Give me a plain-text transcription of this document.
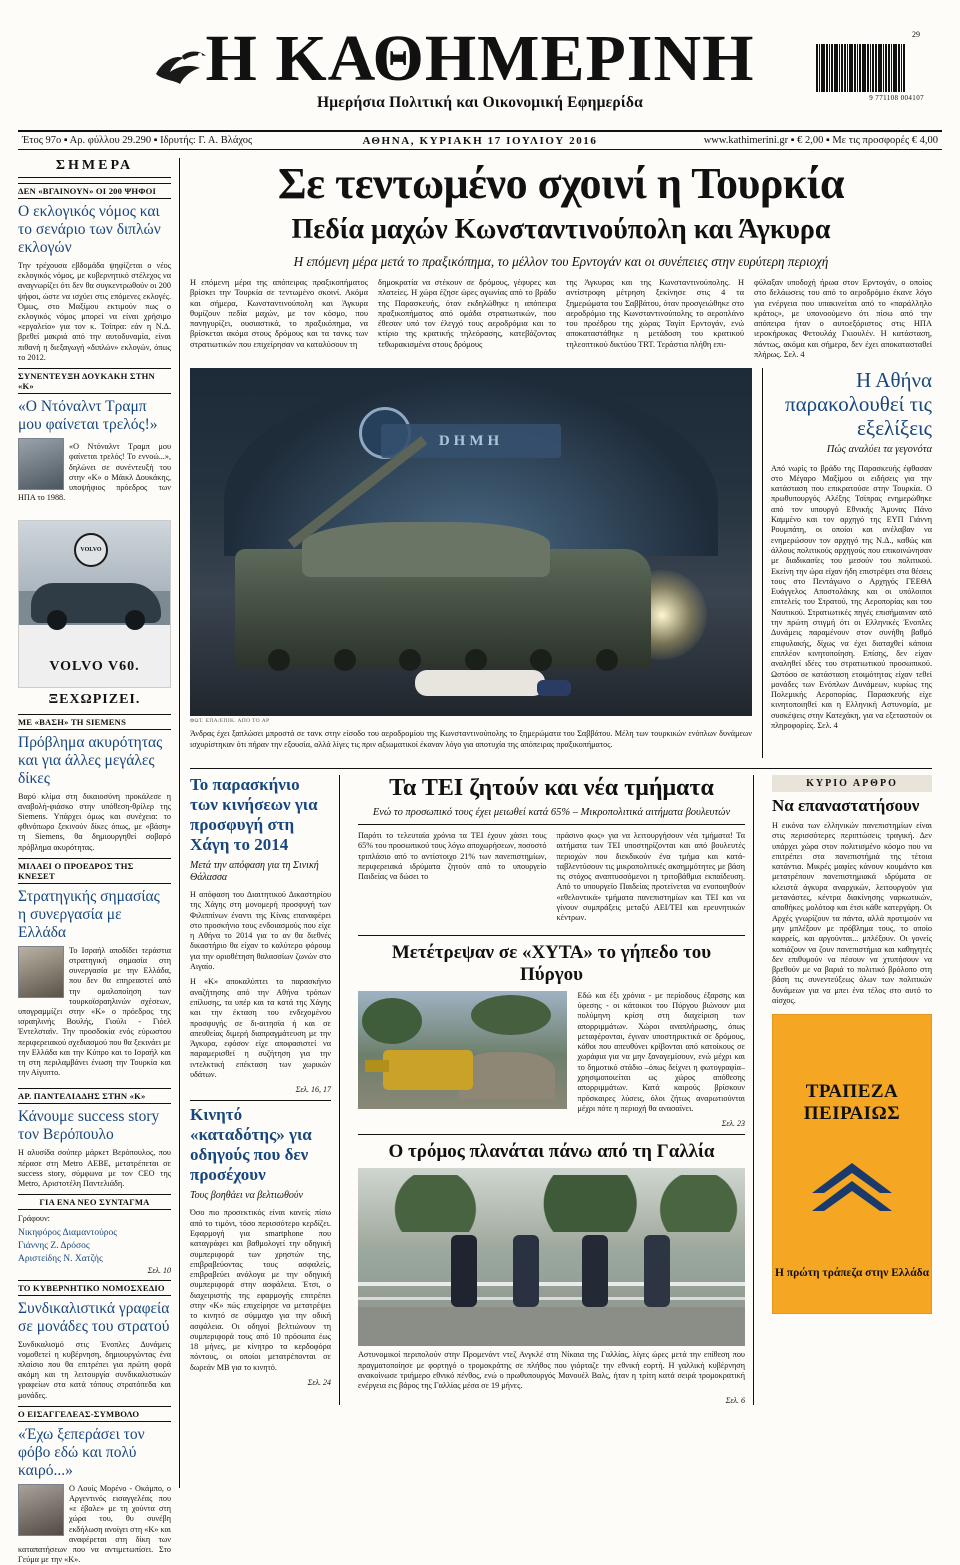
29
9 771108 004107
Η ΚΑΘΗΜΕΡΙΝΗ
Ημερήσια Πολιτική και Οικονομική Εφημερίδα
Έτος 97ο ▪ Αρ. φύλλου 29.290 ▪ Ιδρυτής: Γ. Α. Βλάχος	ΑΘΗΝΑ, ΚΥΡΙΑΚΗ 17 ΙΟΥΛΙΟΥ 2016	www.kathimerini.gr ▪ € 2,00 ▪ Με τις προσφορές € 4,00
ΣΗΜΕΡΑ
ΔΕΝ «ΒΓΑΙΝΟΥΝ» ΟΙ 200 ΨΗΦΟΙ
Ο εκλογικός νόμος και το σενάριο των διπλών εκλογών

Την τρέχουσα εβδομάδα ψηφίζεται ο νέος εκλογικός νόμος, με κυβερνητικό στέλεχος να αναγνωρίζει ότι δεν θα συγκεντρωθούν οι 200 ψήφοι, ώστε να ισχύει στις επόμενες εκλογές. Όμως, στο Μαξίμου εκτιμούν πως ο εκλογικός νόμος μπορεί να είναι χρήσιμο «εργαλείο» για τον κ. Τσίπρα: εάν η Ν.Δ. βρεθεί μακριά από την αυτοδυναμία, είναι πιθανή η διεξαγωγή «διπλών» εκλογών, όπως το 2012.

ΣΥΝΕΝΤΕΥΞΗ ΔΟΥΚΑΚΗ ΣΤΗΝ «Κ»
«Ο Ντόναλντ Τραμπ μου φαίνεται τρελός!»

«Ο Ντόναλντ Τραμπ μου φαίνεται τρελός! Το εννοώ...», δηλώνει σε συνέντευξή του στην «Κ» ο Μάικλ Δουκάκης, υποψήφιος πρόεδρος των ΗΠΑ το 1988.

VOLVO
VOLVO V60.
ΞΕΧΩΡΙΖΕΙ.
ΜΕ «ΒΑΣΗ» ΤΗ SIEMENS
Πρόβλημα ακυρότητας και για άλλες μεγάλες δίκες

Βαρύ κλίμα στη δικαιοσύνη προκάλεσε η αναβολή-φιάσκο στην υπόθεση-θρίλερ της Siemens. Υπάρχει όμως και συνέχεια: το φθινόπωρο ξεκινούν δίκες όπως, με «βάση» τη Siemens, θα δημιουργηθεί σοβαρό πρόβλημα ακυρότητας.

ΜΙΛΑΕΙ Ο ΠΡΟΕΔΡΟΣ ΤΗΣ ΚΝΕΣΕΤ
Στρατηγικής σημασίας η συνεργασία με Ελλάδα

Το Ισραήλ αποδίδει τεράστια στρατηγική σημασία στη συνεργασία με την Ελλάδα, που δεν θα επηρεαστεί από την ομαλοποίηση των τουρκοϊσραηλινών σχέσεων, υπογραμμίζει στην «Κ» ο πρόεδρος της ισραηλινής Βουλής, Γιούλι - Γιόελ Έντελσταϊν. Την προσδοκία ενός εύρωστου περιφερειακού σχεδιασμού που θα ξεκινάει με την Ελλάδα και την Κύπρο και το Ισραήλ και τη στη περιλαμβάνει ένωση την Τουρκία και την Αίγυπτο.

ΑΡ. ΠΑΝΤΕΛΙΑΔΗΣ ΣΤΗΝ «Κ»
Κάνουμε success story τον Βερόπουλο

Η αλυσίδα σούπερ μάρκετ Βερόπουλος, που πέρασε στη Metro ΑΕΒΕ, μετατρέπεται σε success story, σύμφωνα με τον CEO της Metro, Αριστοτέλη Παντελιάδη.

ΓΙΑ ΕΝΑ ΝΕΟ ΣΥΝΤΑΓΜΑ

Γράφουν:

Νικηφόρος Διαμαντούρος
Γιάννης Ζ. Δρόσος
Αριστείδης Ν. Χατζής
Σελ. 10
ΤΟ ΚΥΒΕΡΝΗΤΙΚΟ ΝΟΜΟΣΧΕΔΙΟ
Συνδικαλιστικά γραφεία σε μονάδες του στρατού

Συνδικαλισμό στις Ένοπλες Δυνάμεις νομοθετεί η κυβέρνηση, δημιουργώντας ένα πλαίσιο που θα επιτρέπει για πρώτη φορά ακόμη και τη λειτουργία συνδικαλιστικών γραφείων στα κατά τόπους στρατόπεδα και μονάδες.

Ο ΕΙΣΑΓΓΕΛΕΑΣ-ΣΥΜΒΟΛΟ
«Έχω ξεπεράσει τον φόβο εδώ και πολύ καιρό...»

Ο Λουίς Μορένο - Οκάμπο, ο Αργεντινός εισαγγελέας που «ε έβαλε» με τη χούντα στη χώρα του, θυ συνέβη εκδήλωση ανοίγει στη «Κ» και αναφέρεται στη δίκη των καταπατήσεων που να αντιμετωπίσει. Στο Γεύμα με την «Κ».

Σε τεντωμένο σχοινί η Τουρκία
Πεδία μαχών Κωνσταντινούπολη και Άγκυρα
Η επόμενη μέρα μετά το πραξικόπημα, το μέλλον του Ερντογάν και οι συνέπειες στην ευρύτερη περιοχή
Η επόμενη μέρα της απόπειρας πραξικοπήματος βρίσκει την Τουρκία σε τεντωμένο σκοινί. Ακόμα και σήμερα, Κωνσταντινούπολη και Άγκυρα θυμίζουν πεδία μαχών, με τον κόσμο, που πανηγυρίζει, ουσιαστικά, το πραξικόπημα, να βρίσκεται ακόμα στους δρόμους και τα τανκς των στρατιωτικών που επιχείρησαν να καταλύσουν τη
δημοκρατία να στέκουν σε δρόμους, γέφυρες και πλατείες. Η χώρα έζησε ώρες αγωνίας από το βράδυ της Παρασκευής, όταν εκδηλώθηκε η απόπειρα πραξικοπήματος από ομάδα στρατιωτικών, που έθεσαν υπό τον έλεγχό τους αεροδρόμια και το κτίριο της κρατικής τηλεόρασης, κατεβάζοντας τεθωρακισμένα στους δρόμους
της Άγκυρας και της Κωνσταντινούπολης. Η αντίστροφη μέτρηση ξεκίνησε στις 4 τα ξημερώματα του Σαββάτου, όταν προσγειώθηκε στο αεροδρόμιο της Κωνσταντινούπολης το αεροπλάνο του προέδρου της χώρας Ταγίπ Ερντογάν, ενώ αποκαταστάθηκε η μετάδοση του κρατικού τηλεοπτικού δικτύου TRT. Τεράστια πλήθη επι-
φύλαξαν υποδοχή ήρωα στον Ερντογάν, ο οποίος στο δελάωσεις του από το αεροδρόμιο έκανε λόγο για ενέργεια που υπακινείται από το «παράλληλο κράτος», με υπονοούμενο ότι πίσω από την απόπειρα ήταν ο αυτοεξόριστος στις ΗΠΑ ιεροκήρυκας Φετουλάχ Γκιουλέν. Η κατάσταση, πάντως, ακόμα και σήμερα, δεν έχει αποκατασταθεί πλήρως. Σελ. 4
DHMH
ΦΩΤ. ΕΠΑ/ΕΠΙΚ. ΑΠΟ ΤΟ AP

Άνδρας έχει ξαπλώσει μπροστά σε τανκ στην είσοδο του αεροδρομίου της Κωνσταντινούπολης το ξημερώματα του Σαββάτου. Μέλη των τουρκικών ενόπλων δυνάμεων ισχυρίστηκαν ότι πήραν την εξουσία, αλλά λίγες τις πριν αξιωματικοί έκαναν λόγο για αποτυχία της απόπειρας πραξικοπήματος.

Η Αθήνα παρακολουθεί τις εξελίξεις
Πώς αναλύει τα γεγονότα

Από νωρίς το βράδυ της Παρασκευής έφθασαν στο Μέγαρο Μαξίμου οι ειδήσεις για την κατάσταση που επικρατούσε στην Τουρκία. Ο πρωθυπουργός Αλέξης Τσίπρας ενημερώθηκε από τον υπουργό Εθνικής Άμυνας Πάνο Καμμένο και τον αρχηγό της ΕΥΠ Γιάννη Ρουμπάτη, οι οποίοι και ανέλαβαν να ενημερώσουν τον αρχηγό της Ν.Δ., καθώς και άλλους πολιτικούς αρχηγούς που επικοινώνησαν με διαδικασίες του μεσούν του πολιτικού. Εκείνη την ώρα είχαν ήδη επιστρέψει στα θέσεις τους στο Πεντάγωνο ο Αρχηγός ΓΕΕΘΑ Ευάγγελος Αποστολάκης και οι υπόλοιποι επιτελείς του Στρατού, της Αεροπορίας και του Ναυτικού. Στρατιωτικές πηγές επισήμαιναν από την πρώτη στιγμή ότι οι Ελληνικές Ένοπλες Δυνάμεις παραμένουν στον συνήθη βαθμό επιφυλακής, δίχως να έχει διαταχθεί κάποια επιπλέον κινητοποίηση. Επίσης, δεν είχαν αναληθεί ιδέες του στρατιωτικού προσωπικού. Ωστόσο σε κατάσταση ετοιμότητας είχαν τεθεί μονάδες των Ενόπλων Δυνάμεων, κυρίως της Πολεμικής Αεροπορίας. Παρασκευής είχε κινητοποιηθεί και η Ελληνική Αστυνομία, με συσκέψεις στην Κατεχάκη, για να εξεταστούν οι πληροφορίες. Σελ. 4

Το παρασκήνιο των κινήσεων για προσφυγή στη Χάγη το 2014
Μετά την απόφαση για τη Σινική Θάλασσα

Η απόφαση του Διαιτητικού Δικαστηρίου της Χάγης στη μονομερή προσφυγή των Φιλιππίνων έναντι της Κίνας επαναφέρει στο προσκήνιο τους ενδοιασμούς που είχε η Αθήνα το 2014 για το αν θα διεθνές δικαστήριο θα είχαν το καλύτερο φόρουμ για την οριοθέτηση θαλασσίων ζωνών στο Αιγαίο.

Η «Κ» αποκαλύπτει το παρασκήνιο αναζήτησης από την Αθήνα τρόπων επίλυσης, τα υπέρ και τα κατά της Χάγης και την έκταση του ενδεχομένου προσφυγής σε δι-αιτησία ή και σε απευθείας διμερή διαπραγμάτευση με την Άγκυρα, εφόσον είχε αποφασιστεί να παραμερισθεί η συζήτηση για την ιντελκτική επέκταση των χωρικών υδάτων.

Σελ. 16, 17
Κινητό «καταδότης» για οδηγούς που δεν προσέχουν
Τους βοηθάει να βελτιωθούν

Όσο πιο προσεκτικός είναι κανείς πίσω από το τιμόνι, τόσο περισσότερο κερδίζει. Εφαρμογή για smartphone που καταγράφει και βαθμολογεί την οδηγική συμπεριφορά των χρηστών της, επιβραβεύοντας τους ασφαλείς, επιβραβεύει ανάλογα με την οδηγική συμπεριφορά στην ασφάλεια. Έτσι, ο διαχειριστής της εφαρμογής επιτρέπει στην «Κ» πώς επιχείρησε να μετατρέψει το κινητό σε σύμμαχο για την οδική ασφάλεια. Οι οδηγοί βελτιώνουν τη συμπεριφορά τους από 10 πρόσωπα έως 18 μήνες, με κίνητρο τα κερδοφόρα πόντους, οι οποίοι μετατρέπονται σε δωρεάν MB για το κινητό.

Σελ. 24
Τα ΤΕΙ ζητούν και νέα τμήματα
Ενώ το προσωπικό τους έχει μειωθεί κατά 65% – Μικροπολιτικά αιτήματα βουλευτών

Παρότι το τελευταία χρόνια τα ΤΕΙ έχουν χάσει τους 65% του προσωπικού τους λόγω αποχωρήσεων, ποσοστό τριπλάσιο από το αντίστοιχο 21% των πανεπιστημίων, περιφερειακά ιδρύματα ζητούν από το υπουργείο Παιδείας να δώσει το

πράσινο φως» για να λειτουργήσουν νέα τμήματα! Τα αιτήματα των ΤΕΙ υποστηρίζονται και από βουλευτές περιοχών που διεκδικούν ένα τμήμα και κατά-ταβλεντύσουν τις μικροπολιτικές ακσημμότητες με βάση τις στόχος αναπτυσσόμενοι η τριτοβάθμια εκπαίδευση. Από το υπουργείο Παιδείας προτείνεται να ενοποιηθούν «εθελοντικά» τμήματα πανεπιστημίων και ΤΕΙ και να γίνουν συμπράξεις μεταξύ ΑΕΙ/ΤΕΙ και ερευνητικών κέντρων.

Μετέτρεψαν σε «ΧΥΤΑ» το γήπεδο του Πύργου

Εδώ και έξι χρόνια - με περίοδους έξαρσης και ύφεσης - οι κάτοικοι του Πύργου βιώνουν μια πολύμηνη κρίση στη διαχείριση των απορριμμάτων. Χώροι αναπλήρωσης, όπως μεταφέρονται, έγιναν υποστηρικτικά σε δρόμους, κάθοι που απευθύνει κρίβονται από κατοίκους σε χωράφια για να μην ξαναγεμίσουν, ενώ μέχρι και το δημοτικό στάδιο –όπως δείχνει η φωτογραφία– χρησιμοποιείται ως χώρος απόθεσης απορριμμάτων. Κατά καιρούς βρίσκουν πρόσκαιρες λύσεις, όλοι ζήτως αναρωτιούνται μέχρι πότε η περιοχή θα ανασαίνει.

Σελ. 23
Ο τρόμος πλανάται πάνω από τη Γαλλία

Αστυνομικοί περιπολούν στην Προμενάντ ντεζ Ανγκλέ στη Νίκαια της Γαλλίας, λίγες ώρες μετά την επίθεση που πραγματοποίησε με φορτηγό ο τρομοκράτης σε πλήθος που γιόρταζε την εθνική εορτή. Η γαλλική κυβέρνηση ανακοίνωσε τριήμερο εθνικό πένθος, ενώ ο πρωθυπουργός Μανουέλ Βαλς, ήταν η τρίτη κατά σειρά τρομοκρατική ενέργεια εις βάρος της Γαλλίας μέσα σε 19 μήνες.

Σελ. 6
ΚΥΡΙΟ ΑΡΘΡΟ
Να επαναστατήσουν

Η εικόνα των ελληνικών πανεπιστημίων είναι στις περισσότερες περιπτώσεις τραγική. Δεν υπάρχει χώρα στον πολιτισμένο κόσμο που να επιτρέπει στα πανεπιστήμιά της τέτοια κατάντια. Μικρές μαφίες κάνουν κουμάντο και μετατρέπουν πανεπιστημιακά ιδρύματα σε κλειστά άγκυρα αναρχικών, λειτουργούν για μετανάστες, κέντρα διακίνησης ναρκωτικών, αποθήκες μολότοφ και έτσι κάθε κατεργάρη. Οι Αρχές γνωρίζουν τα πάντα, αλλά προτιμούν να μην μπλέξουν με πρόβλημα τους, το οποίο καφρείς, και αργούνται... μπλέξουν. Οι γονείς κοπιάζουν να ζουν πανεπιστήμια και καθηγητές δεν επιθυμούν να πέσουν να χτυπήσουν να βρεθούν με να βαριά το πολιτικό βρόλοπο στη βάση τις συνεντεύξεως όλων των πολιτικών δυνάμεων για να μπει ένα τέλος στο αυτό το αίσχος.

ΤΡΑΠΕΖΑ ΠΕΙΡΑΙΩΣ
Η πρώτη τράπεζα στην Ελλάδα
